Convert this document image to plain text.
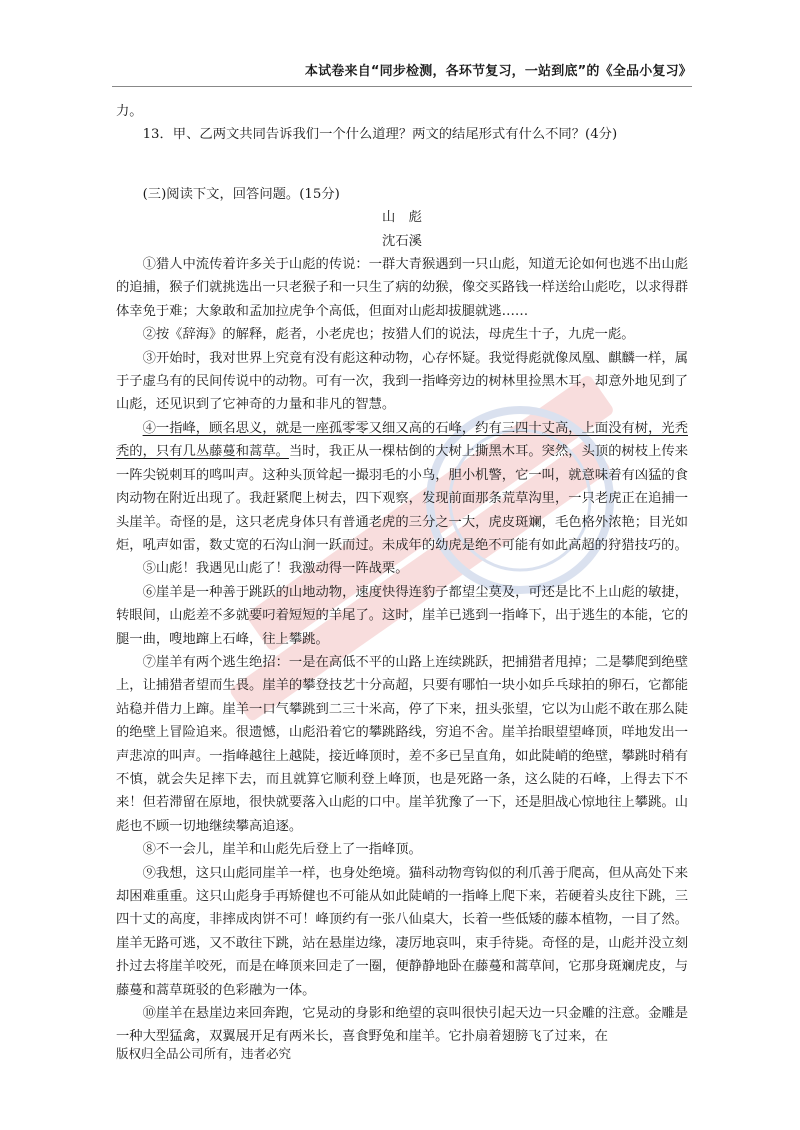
本试卷来自“同步检测，各环节复习，一站到底”的《全品小复习》

力。

13．甲、乙两文共同告诉我们一个什么道理？两文的结尾形式有什么不同？(4分)

(三)阅读下文，回答问题。(15分)

山　彪

沈石溪

①猎人中流传着许多关于山彪的传说：一群大青猴遇到一只山彪，知道无论如何也逃不出山彪的追捕，猴子们就挑选出一只老猴子和一只生了病的幼猴，像交买路钱一样送给山彪吃，以求得群体幸免于难；大象敢和孟加拉虎争个高低，但面对山彪却拔腿就逃……

②按《辞海》的解释，彪者，小老虎也；按猎人们的说法，母虎生十子，九虎一彪。

③开始时，我对世界上究竟有没有彪这种动物，心存怀疑。我觉得彪就像凤凰、麒麟一样，属于子虚乌有的民间传说中的动物。可有一次，我到一指峰旁边的树林里捡黑木耳，却意外地见到了山彪，还见识到了它神奇的力量和非凡的智慧。

④一指峰，顾名思义，就是一座孤零零又细又高的石峰，约有三四十丈高，上面没有树，光秃秃的，只有几丛藤蔓和蒿草。当时，我正从一棵枯倒的大树上撕黑木耳。突然，头顶的树枝上传来一阵尖锐刺耳的鸣叫声。这种头顶耸起一撮羽毛的小鸟，胆小机警，它一叫，就意味着有凶猛的食肉动物在附近出现了。我赶紧爬上树去，四下观察，发现前面那条荒草沟里，一只老虎正在追捕一头崖羊。奇怪的是，这只老虎身体只有普通老虎的三分之一大，虎皮斑斓，毛色格外浓艳；目光如炬，吼声如雷，数丈宽的石沟山涧一跃而过。未成年的幼虎是绝不可能有如此高超的狩猎技巧的。

⑤山彪！我遇见山彪了！我激动得一阵战栗。

⑥崖羊是一种善于跳跃的山地动物，速度快得连豹子都望尘莫及，可还是比不上山彪的敏捷，转眼间，山彪差不多就要叼着短短的羊尾了。这时，崖羊已逃到一指峰下，出于逃生的本能，它的腿一曲，嗖地蹿上石峰，往上攀跳。

⑦崖羊有两个逃生绝招：一是在高低不平的山路上连续跳跃，把捕猎者甩掉；二是攀爬到绝壁上，让捕猎者望而生畏。崖羊的攀登技艺十分高超，只要有哪怕一块小如乒乓球拍的卵石，它都能站稳并借力上蹿。崖羊一口气攀跳到二三十米高，停了下来，扭头张望，它以为山彪不敢在那么陡的绝壁上冒险追来。很遗憾，山彪沿着它的攀跳路线，穷追不舍。崖羊抬眼望望峰顶，咩地发出一声悲凉的叫声。一指峰越往上越陡，接近峰顶时，差不多已呈直角，如此陡峭的绝壁，攀跳时稍有不慎，就会失足摔下去，而且就算它顺利登上峰顶，也是死路一条，这么陡的石峰，上得去下不来！但若滞留在原地，很快就要落入山彪的口中。崖羊犹豫了一下，还是胆战心惊地往上攀跳。山彪也不顾一切地继续攀高追逐。

⑧不一会儿，崖羊和山彪先后登上了一指峰顶。

⑨我想，这只山彪同崖羊一样，也身处绝境。猫科动物弯钩似的利爪善于爬高，但从高处下来却困难重重。这只山彪身手再矫健也不可能从如此陡峭的一指峰上爬下来，若硬着头皮往下跳，三四十丈的高度，非摔成肉饼不可！峰顶约有一张八仙桌大，长着一些低矮的藤本植物，一目了然。崖羊无路可逃，又不敢往下跳，站在悬崖边缘，凄厉地哀叫，束手待毙。奇怪的是，山彪并没立刻扑过去将崖羊咬死，而是在峰顶来回走了一圈，便静静地卧在藤蔓和蒿草间，它那身斑斓虎皮，与藤蔓和蒿草斑驳的色彩融为一体。

⑩崖羊在悬崖边来回奔跑，它晃动的身影和绝望的哀叫很快引起天边一只金雕的注意。金雕是一种大型猛禽，双翼展开足有两米长，喜食野兔和崖羊。它扑扇着翅膀飞了过来，在

版权归全品公司所有，违者必究
